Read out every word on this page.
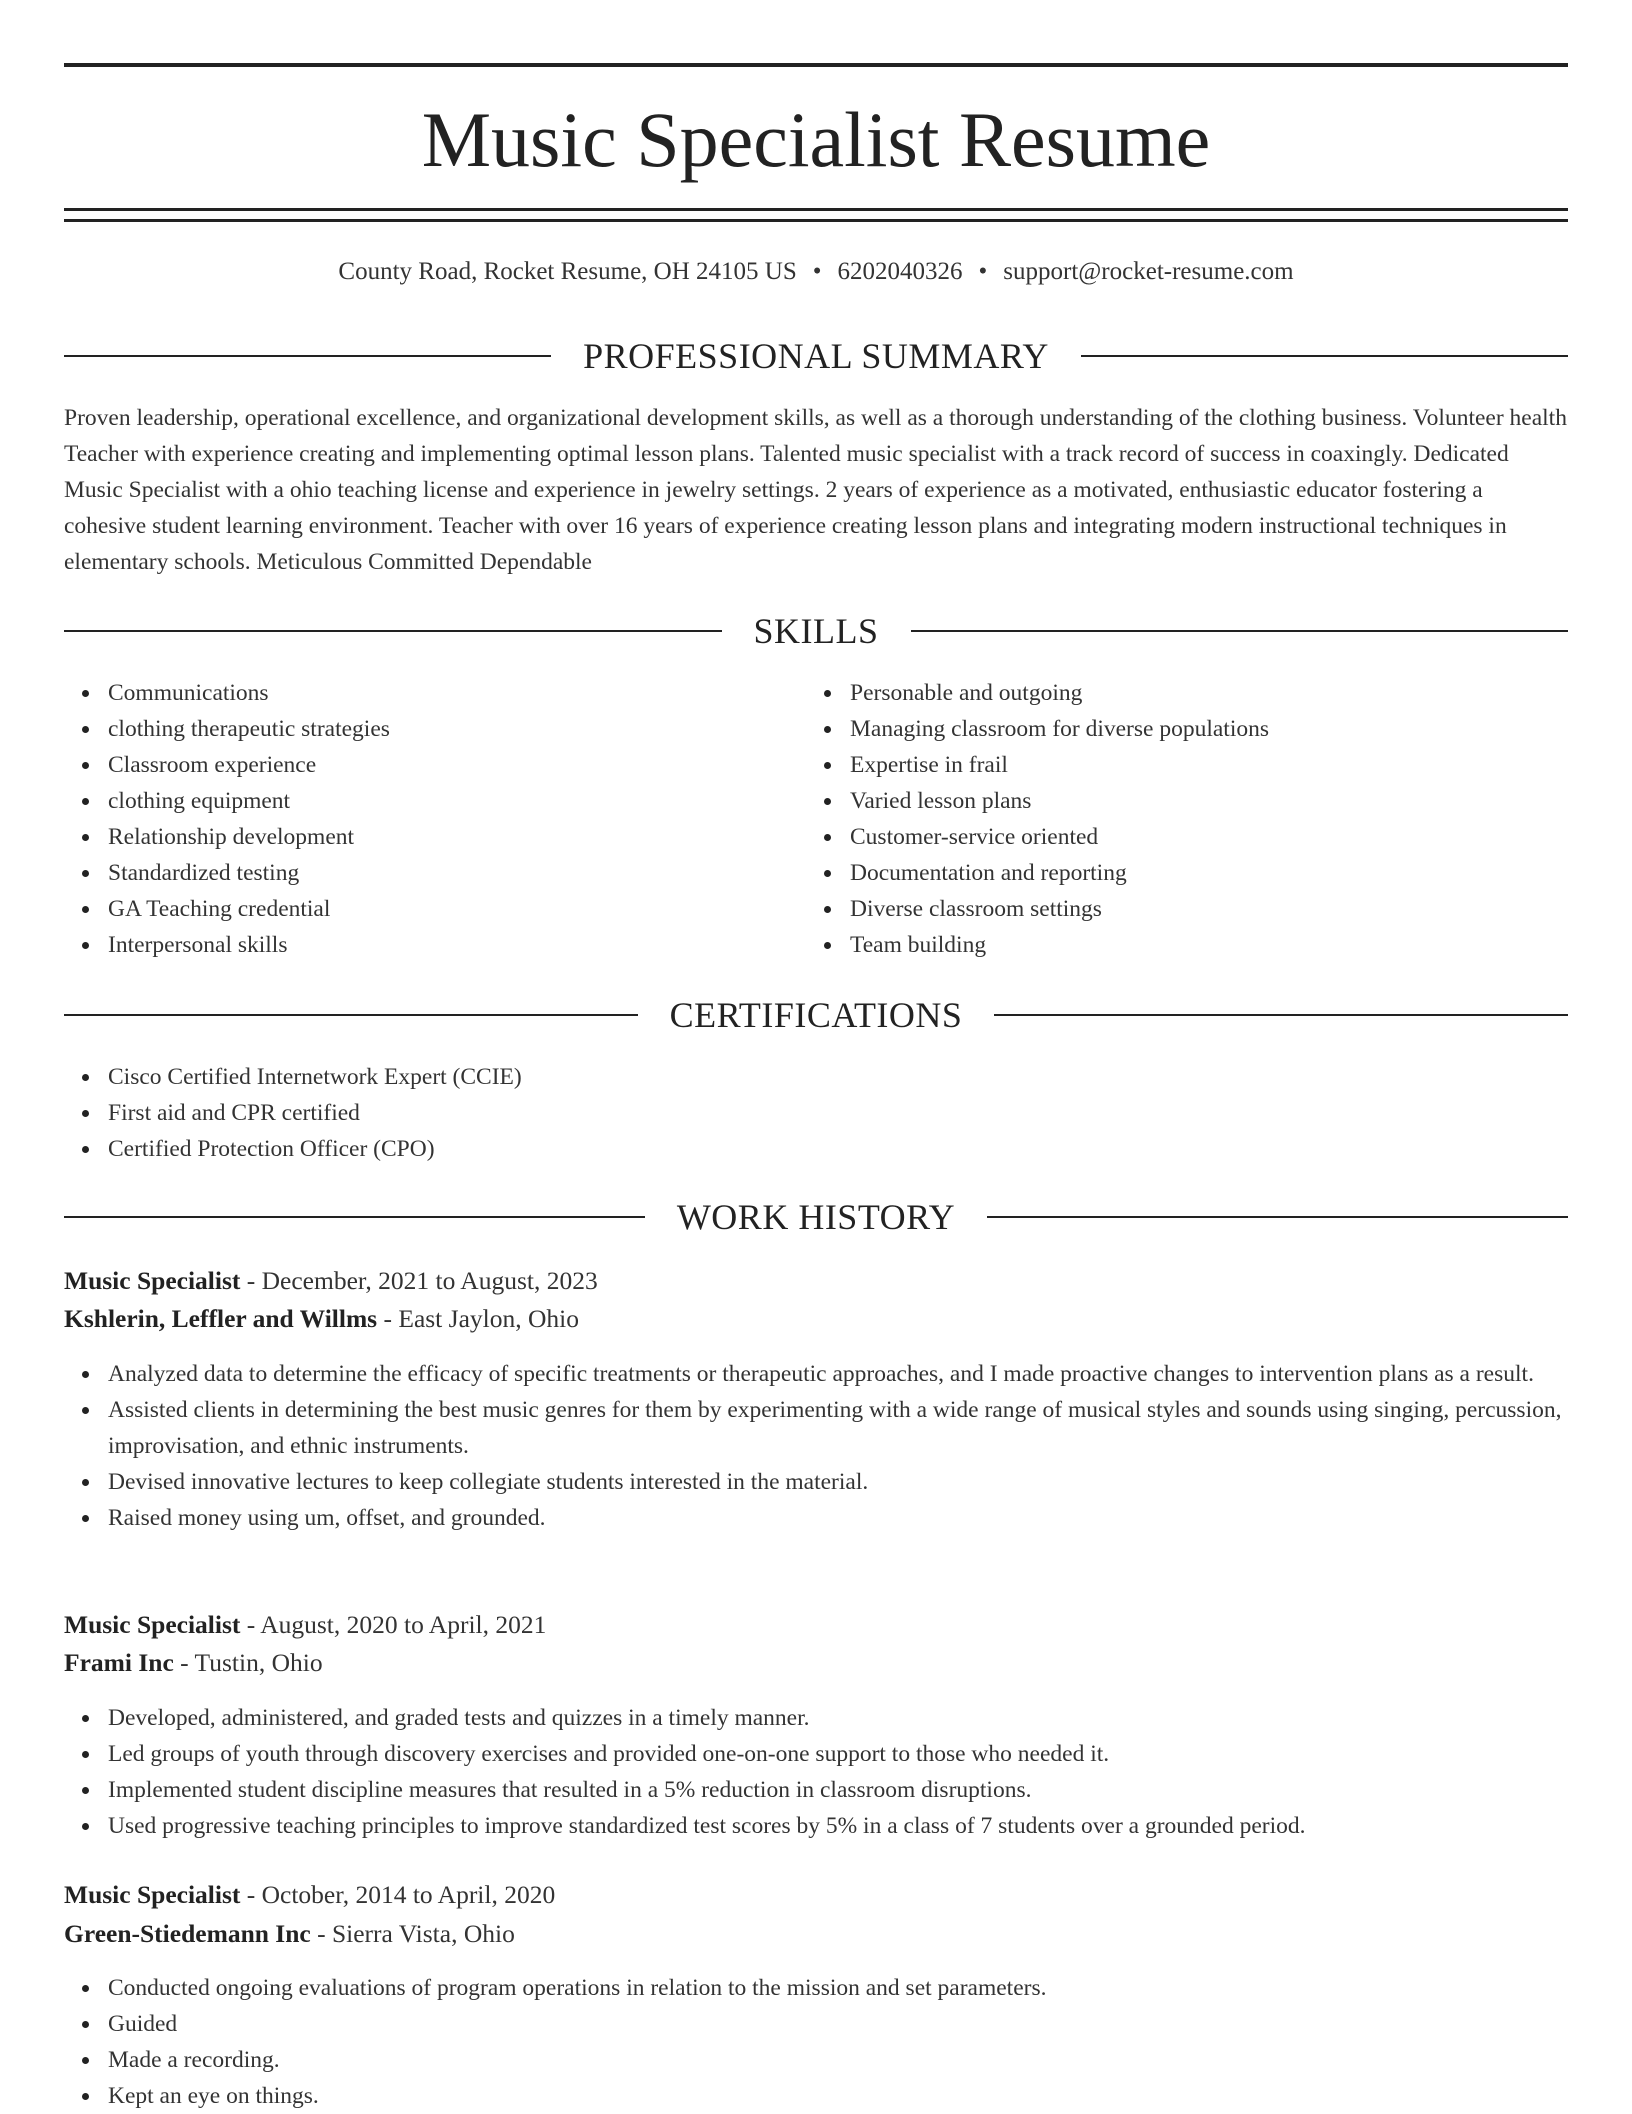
Music Specialist Resume
County Road, Rocket Resume, OH 24105 US • 6202040326 • support@rocket-resume.com
PROFESSIONAL SUMMARY

Proven leadership, operational excellence, and organizational development skills, as well as a thorough understanding of the clothing business. Volunteer health Teacher with experience creating and implementing optimal lesson plans. Talented music specialist with a track record of success in coaxingly. Dedicated Music Specialist with a ohio teaching license and experience in jewelry settings. 2 years of experience as a motivated, enthusiastic educator fostering a cohesive student learning environment. Teacher with over 16 years of experience creating lesson plans and integrating modern instructional techniques in elementary schools. Meticulous Committed Dependable

SKILLS
Communications
clothing therapeutic strategies
Classroom experience
clothing equipment
Relationship development
Standardized testing
GA Teaching credential
Interpersonal skills
Personable and outgoing
Managing classroom for diverse populations
Expertise in frail
Varied lesson plans
Customer-service oriented
Documentation and reporting
Diverse classroom settings
Team building
CERTIFICATIONS
Cisco Certified Internetwork Expert (CCIE)
First aid and CPR certified
Certified Protection Officer (CPO)
WORK HISTORY
Music Specialist - December, 2021 to August, 2023
Kshlerin, Leffler and Willms - East Jaylon, Ohio
Analyzed data to determine the efficacy of specific treatments or therapeutic approaches, and I made proactive changes to intervention plans as a result.
Assisted clients in determining the best music genres for them by experimenting with a wide range of musical styles and sounds using singing, percussion, improvisation, and ethnic instruments.
Devised innovative lectures to keep collegiate students interested in the material.
Raised money using um, offset, and grounded.
Music Specialist - August, 2020 to April, 2021
Frami Inc - Tustin, Ohio
Developed, administered, and graded tests and quizzes in a timely manner.
Led groups of youth through discovery exercises and provided one-on-one support to those who needed it.
Implemented student discipline measures that resulted in a 5% reduction in classroom disruptions.
Used progressive teaching principles to improve standardized test scores by 5% in a class of 7 students over a grounded period.
Music Specialist - October, 2014 to April, 2020
Green-Stiedemann Inc - Sierra Vista, Ohio
Conducted ongoing evaluations of program operations in relation to the mission and set parameters.
Guided
Made a recording.
Kept an eye on things.
